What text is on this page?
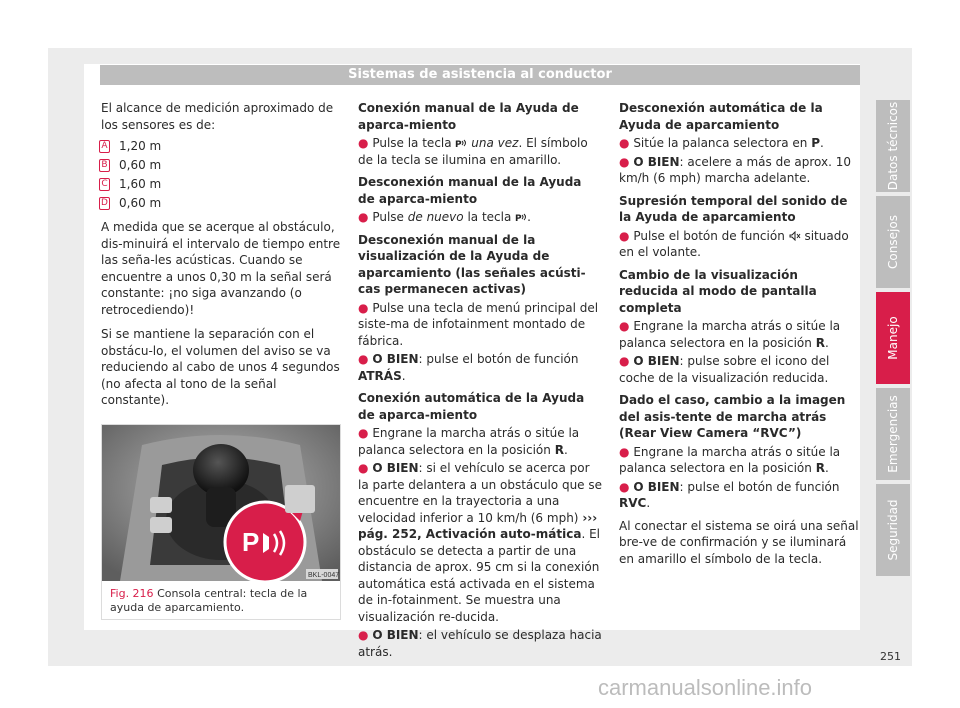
Sistemas de asistencia al conductor

El alcance de medición aproximado de los sensores es de:

A 1,20 m
B 0,60 m
C 1,60 m
D 0,60 m

A medida que se acerque al obstáculo, dis-minuirá el intervalo de tiempo entre las seña-les acústicas. Cuando se encuentre a unos 0,30 m la señal será constante: ¡no siga avanzando (o retrocediendo)!

Si se mantiene la separación con el obstácu-lo, el volumen del aviso se va reduciendo al cabo de unos 4 segundos (no afecta al tono de la señal constante).

P
BKL-0047
Fig. 216 Consola central: tecla de la ayuda de aparcamiento.
Conexión manual de la Ayuda de aparca-miento

● Pulse la tecla P una vez. El símbolo de la tecla se ilumina en amarillo.

Desconexión manual de la Ayuda de aparca-miento

● Pulse de nuevo la tecla P .

Desconexión manual de la visualización de la Ayuda de aparcamiento (las señales acústi-cas permanecen activas)

● Pulse una tecla de menú principal del siste-ma de infotainment montado de fábrica.

● O BIEN: pulse el botón de función ATRÁS.

Conexión automática de la Ayuda de aparca-miento

● Engrane la marcha atrás o sitúe la palanca selectora en la posición R.

● O BIEN: si el vehículo se acerca por la parte delantera a un obstáculo que se encuentre en la trayectoria a una velocidad inferior a 10 km/h (6 mph) ››› pág. 252, Activación auto-mática. El obstáculo se detecta a partir de una distancia de aprox. 95 cm si la conexión automática está activada en el sistema de in-fotainment. Se muestra una visualización re-ducida.

● O BIEN: el vehículo se desplaza hacia atrás.

Desconexión automática de la Ayuda de aparcamiento

● Sitúe la palanca selectora en P.

● O BIEN: acelere a más de aprox. 10 km/h (6 mph) marcha adelante.

Supresión temporal del sonido de la Ayuda de aparcamiento

● Pulse el botón de función situado en el volante.

Cambio de la visualización reducida al modo de pantalla completa

● Engrane la marcha atrás o sitúe la palanca selectora en la posición R.

● O BIEN: pulse sobre el icono del coche de la visualización reducida.

Dado el caso, cambio a la imagen del asis-tente de marcha atrás (Rear View Camera “RVC”)

● Engrane la marcha atrás o sitúe la palanca selectora en la posición R.

● O BIEN: pulse el botón de función RVC.

Al conectar el sistema se oirá una señal bre-ve de confirmación y se iluminará en amarillo el símbolo de la tecla.

Datos técnicos
Consejos
Manejo
Emergencias
Seguridad
251
carmanualsonline.info
